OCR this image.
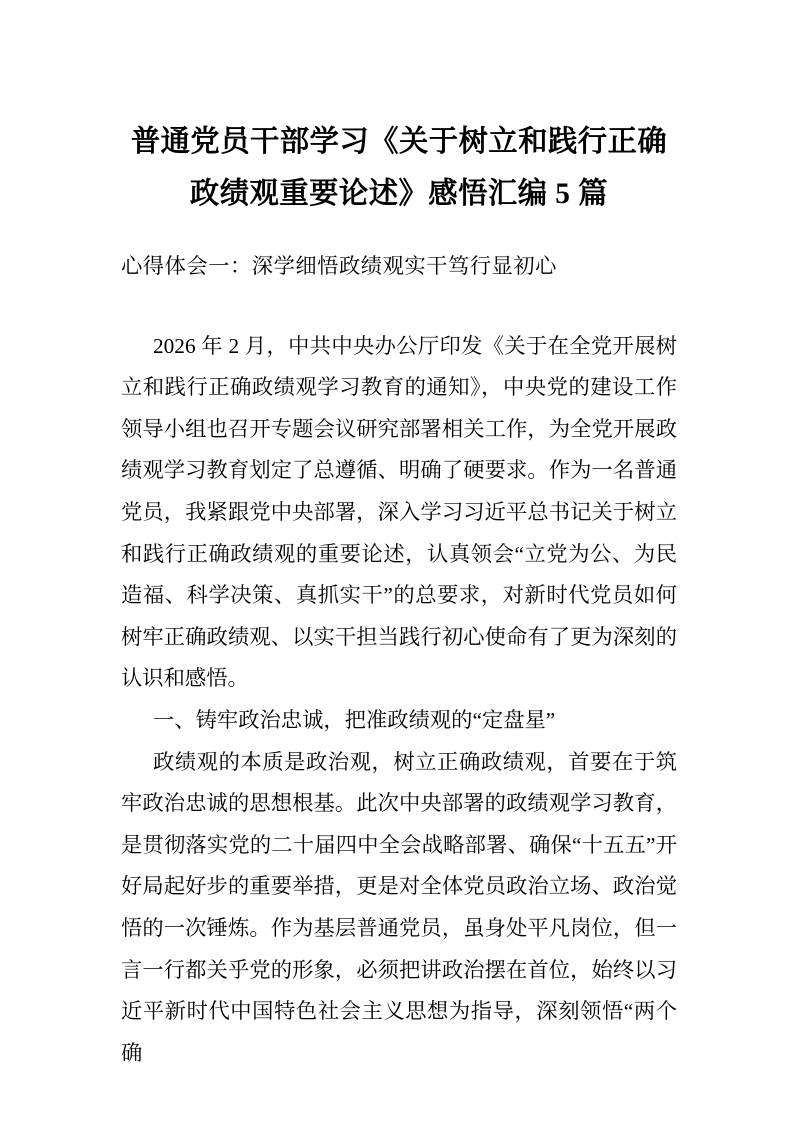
普通党员干部学习《关于树立和践行正确政绩观重要论述》感悟汇编 5 篇

心得体会一：深学细悟政绩观实干笃行显初心

2026 年 2 月，中共中央办公厅印发《关于在全党开展树立和践行正确政绩观学习教育的通知》，中央党的建设工作领导小组也召开专题会议研究部署相关工作，为全党开展政绩观学习教育划定了总遵循、明确了硬要求。作为一名普通党员，我紧跟党中央部署，深入学习习近平总书记关于树立和践行正确政绩观的重要论述，认真领会“立党为公、为民造福、科学决策、真抓实干”的总要求，对新时代党员如何树牢正确政绩观、以实干担当践行初心使命有了更为深刻的认识和感悟。

一、铸牢政治忠诚，把准政绩观的“定盘星”

政绩观的本质是政治观，树立正确政绩观，首要在于筑牢政治忠诚的思想根基。此次中央部署的政绩观学习教育，是贯彻落实党的二十届四中全会战略部署、确保“十五五”开好局起好步的重要举措，更是对全体党员政治立场、政治觉悟的一次锤炼。作为基层普通党员，虽身处平凡岗位，但一言一行都关乎党的形象，必须把讲政治摆在首位，始终以习近平新时代中国特色社会主义思想为指导，深刻领悟“两个确
